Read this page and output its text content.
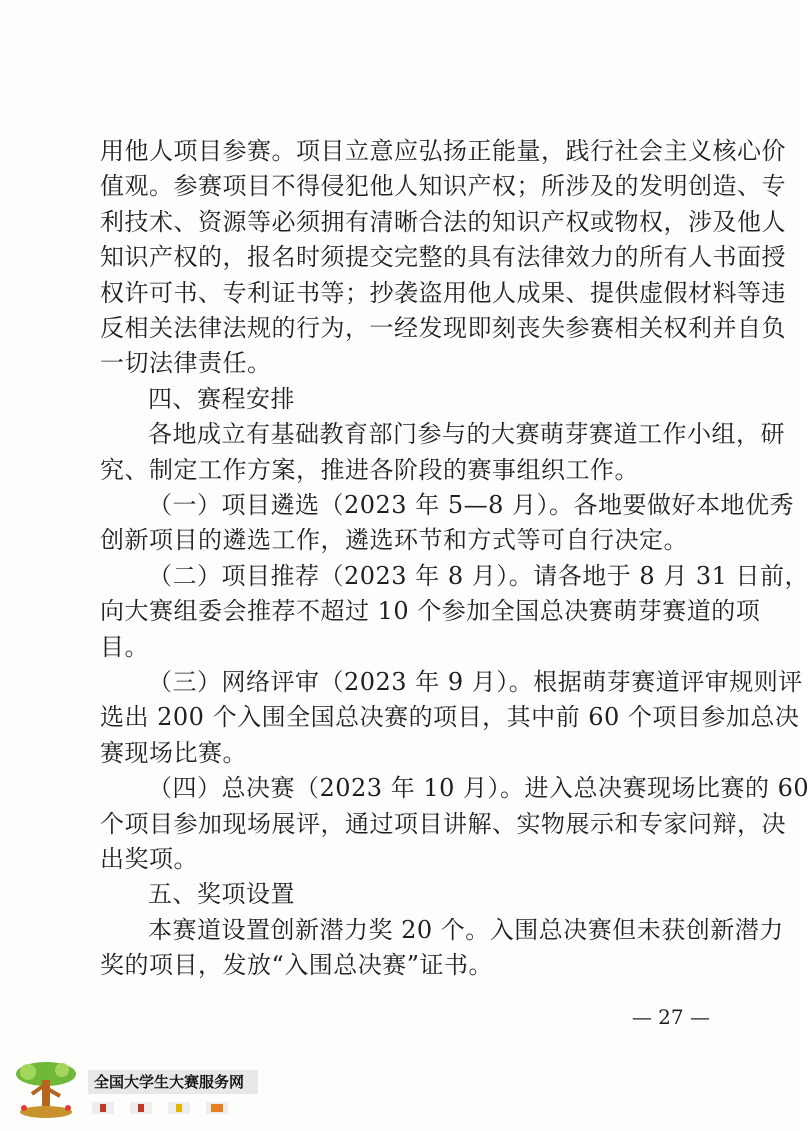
用他人项目参赛。项目立意应弘扬正能量，践行社会主义核心价
值观。参赛项目不得侵犯他人知识产权；所涉及的发明创造、专
利技术、资源等必须拥有清晰合法的知识产权或物权，涉及他人
知识产权的，报名时须提交完整的具有法律效力的所有人书面授
权许可书、专利证书等；抄袭盗用他人成果、提供虚假材料等违
反相关法律法规的行为，一经发现即刻丧失参赛相关权利并自负
一切法律责任。
四、赛程安排
各地成立有基础教育部门参与的大赛萌芽赛道工作小组，研
究、制定工作方案，推进各阶段的赛事组织工作。
（一）项目遴选（2023 年 5—8 月）。各地要做好本地优秀
创新项目的遴选工作，遴选环节和方式等可自行决定。
（二）项目推荐（2023 年 8 月）。请各地于 8 月 31 日前，
向大赛组委会推荐不超过 10 个参加全国总决赛萌芽赛道的项
目。
（三）网络评审（2023 年 9 月）。根据萌芽赛道评审规则评
选出 200 个入围全国总决赛的项目，其中前 60 个项目参加总决
赛现场比赛。
（四）总决赛（2023 年 10 月）。进入总决赛现场比赛的 60
个项目参加现场展评，通过项目讲解、实物展示和专家问辩，决
出奖项。
五、奖项设置
本赛道设置创新潜力奖 20 个。入围总决赛但未获创新潜力
奖的项目，发放“入围总决赛”证书。
— 27 —
全国大学生大赛服务网
